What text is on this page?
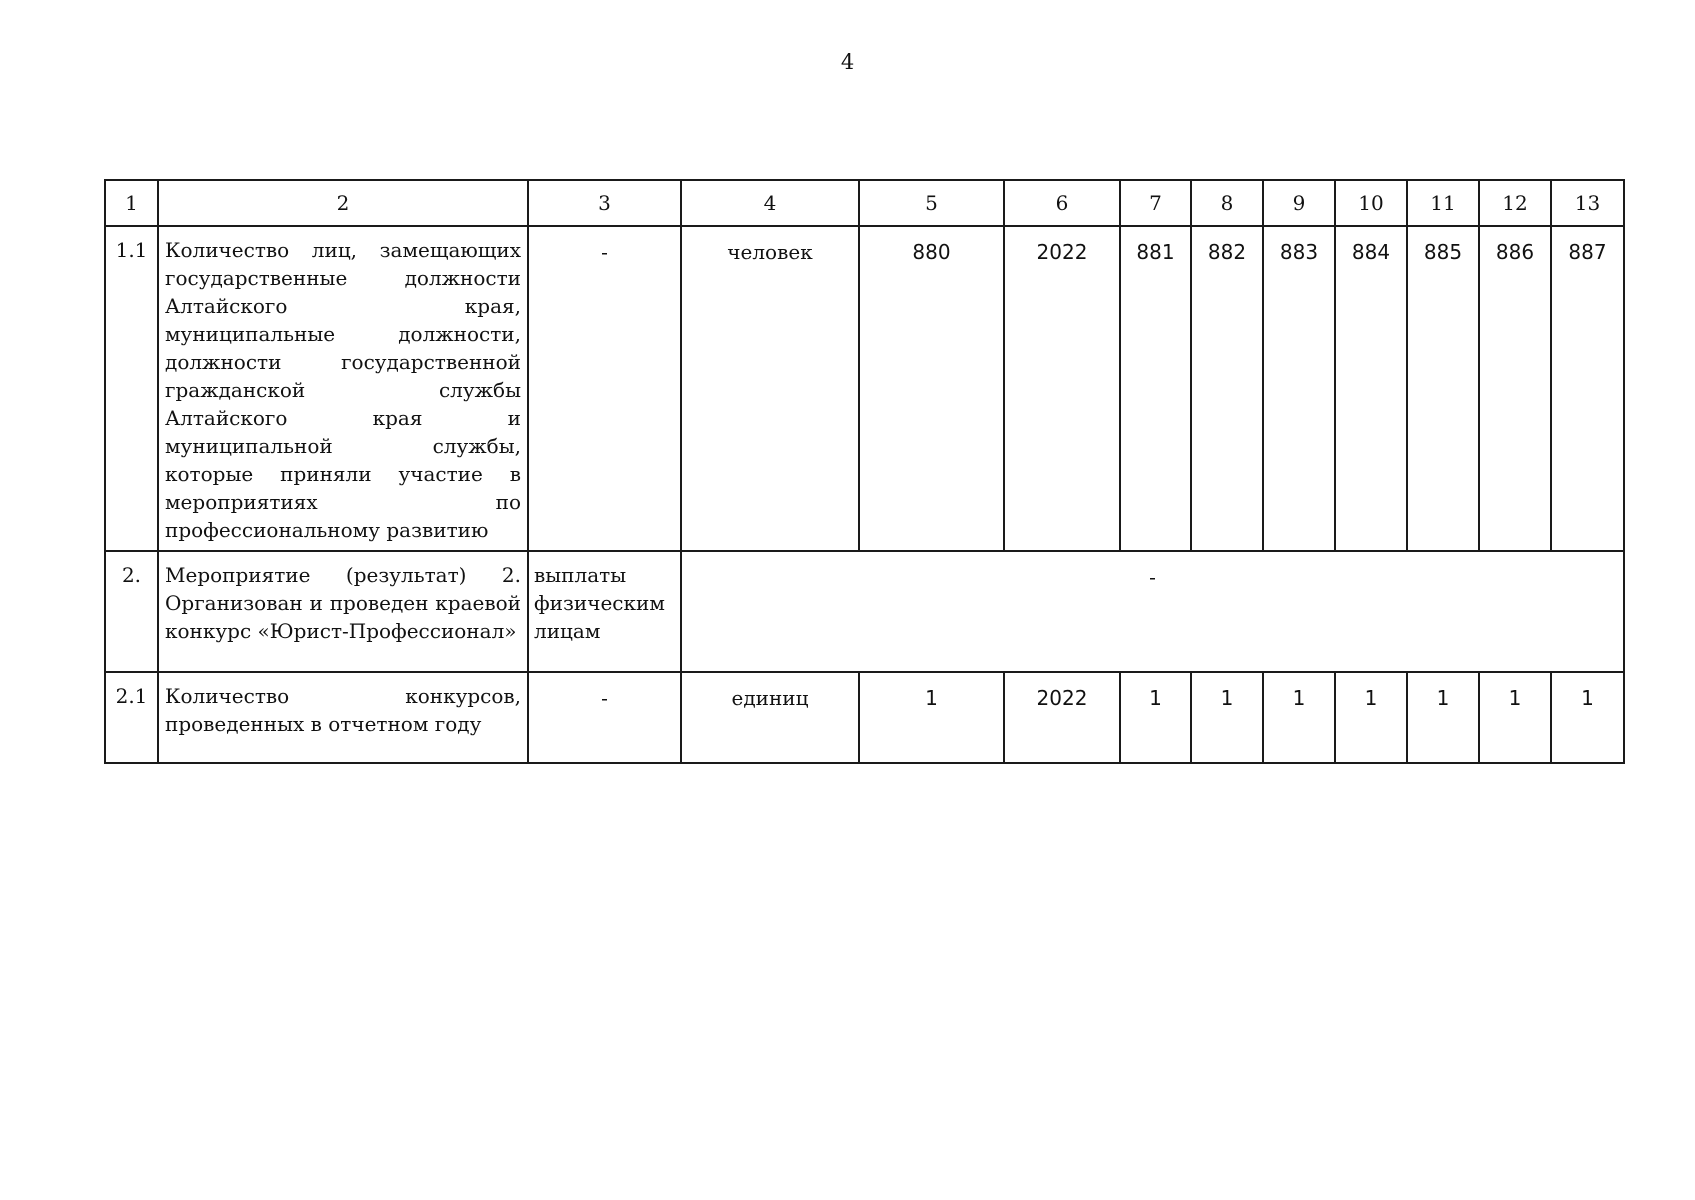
4
1	2	3	4	5	6	7	8	9	10	11	12	13
1.1	Количество лиц, замещающих государственные должности Алтайского края, муниципальные должности, должности государственной гражданской службы Алтайского края и муниципальной службы, которые приняли участие в мероприятиях по профессиональному развитию	-	человек	880	2022	881	882	883	884	885	886	887
2.	Мероприятие (результат) 2. Организован и проведен краевой конкурс «Юрист-Профессионал»	выплаты физическим лицам	-									
2.1	Количество конкурсов, проведенных в отчетном году	-	единиц	1	2022	1	1	1	1	1	1	1
